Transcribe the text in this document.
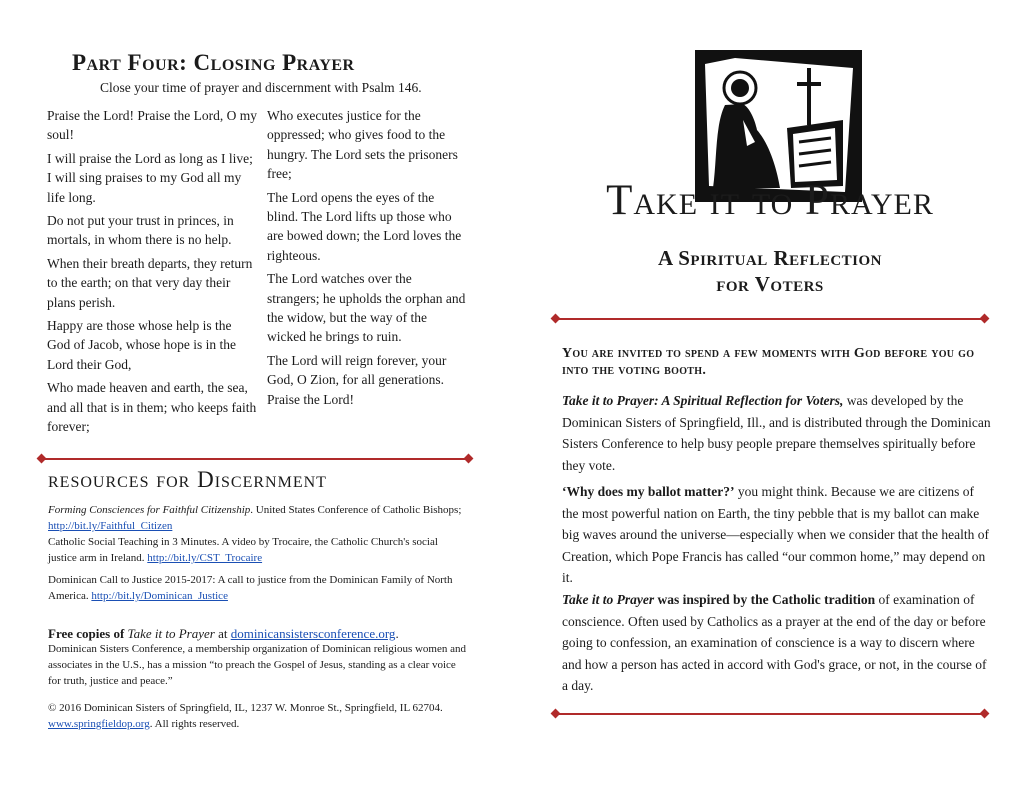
Part Four: Closing Prayer
Close your time of prayer and discernment with Psalm 146.

Praise the Lord! Praise the Lord, O my soul!

I will praise the Lord as long as I live; I will sing praises to my God all my life long.

Do not put your trust in princes, in mortals, in whom there is no help.

When their breath departs, they return to the earth; on that very day their plans perish.

Happy are those whose help is the God of Jacob, whose hope is in the Lord their God,

Who made heaven and earth, the sea, and all that is in them; who keeps faith forever;

Who executes justice for the oppressed; who gives food to the hungry. The Lord sets the prisoners free;

The Lord opens the eyes of the blind. The Lord lifts up those who are bowed down; the Lord loves the righteous.

The Lord watches over the strangers; he upholds the orphan and the widow, but the way of the wicked he brings to ruin.

The Lord will reign forever, your God, O Zion, for all generations. Praise the Lord!

resources for Discernment
Forming Consciences for Faithful Citizenship. United States Conference of Catholic Bishops; http://bit.ly/Faithful_Citizen
Catholic Social Teaching in 3 Minutes. A video by Trocaire, the Catholic Church's social justice arm in Ireland. http://bit.ly/CST_Trocaire
Dominican Call to Justice 2015-2017: A call to justice from the Dominican Family of North America. http://bit.ly/Dominican_Justice
Free copies of Take it to Prayer at dominicansistersconference.org.
Dominican Sisters Conference, a membership organization of Dominican religious women and associates in the U.S., has a mission “to preach the Gospel of Jesus, standing as a clear voice for truth, justice and peace.”
© 2016 Dominican Sisters of Springfield, IL, 1237 W. Monroe St., Springfield, IL 62704. www.springfieldop.org. All rights reserved.
Take it to Prayer
A Spiritual Reflection
for Voters
You are invited to spend a few moments with God before you go into the voting booth.
Take it to Prayer: A Spiritual Reflection for Voters, was developed by the Dominican Sisters of Springfield, Ill., and is distributed through the Dominican Sisters Conference to help busy people prepare themselves spiritually before they vote.
‘Why does my ballot matter?’ you might think. Because we are citizens of the most powerful nation on Earth, the tiny pebble that is my ballot can make big waves around the universe—especially when we consider that the health of Creation, which Pope Francis has called “our common home,” may depend on it.
Take it to Prayer was inspired by the Catholic tradition of examination of conscience. Often used by Catholics as a prayer at the end of the day or before going to confession, an examination of conscience is a way to discern where and how a person has acted in accord with God's grace, or not, in the course of a day.
